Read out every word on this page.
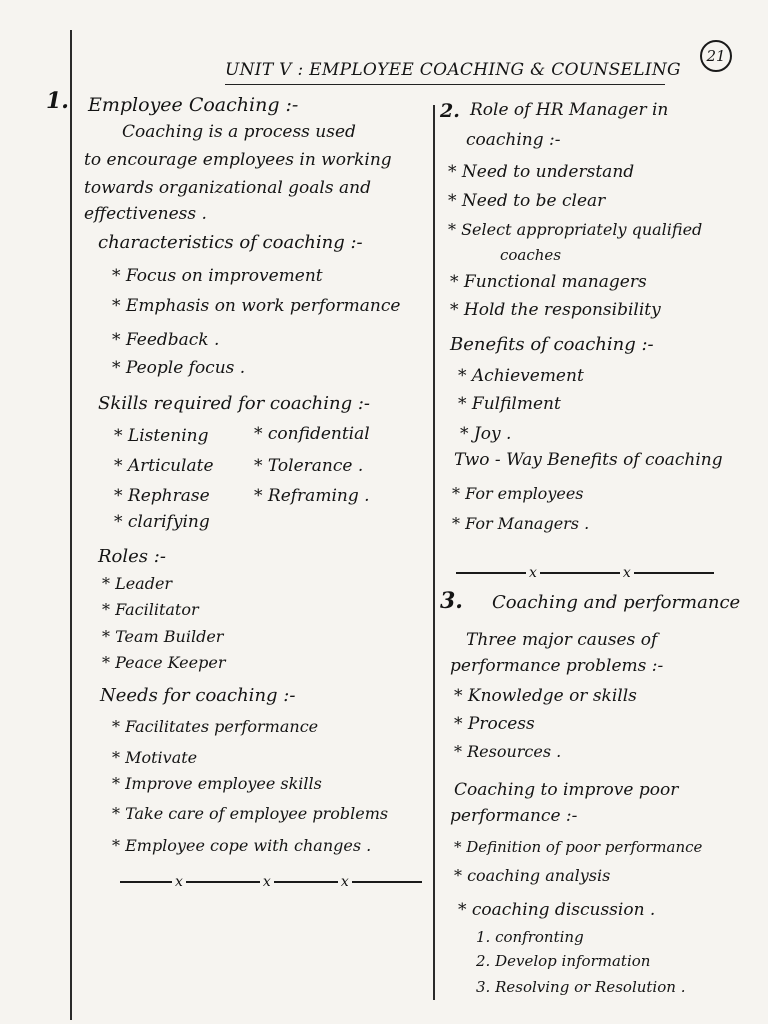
21
UNIT V : EMPLOYEE COACHING & COUNSELING
1. Employee Coaching :-
Coaching is a process used
to encourage employees in working
towards organizational goals and
effectiveness .
characteristics of coaching :-
* Focus on improvement
* Emphasis on work performance
* Feedback .
* People focus .
Skills required for coaching :-
* Listening
* Articulate
* Rephrase
* clarifying
* confidential
* Tolerance .
* Reframing .
Roles :-
* Leader
* Facilitator
* Team Builder
* Peace Keeper
Needs for coaching :-
* Facilitates performance
* Motivate
* Improve employee skills
* Take care of employee problems
* Employee cope with changes .
x	x	x
2. Role of HR Manager in
coaching :-
* Need to understand
* Need to be clear
* Select appropriately qualified
coaches
* Functional managers
* Hold the responsibility
Benefits of coaching :-
* Achievement
* Fulfilment
* Joy .
Two - Way Benefits of coaching
* For employees
* For Managers .
x	x
3. Coaching and performance
Three major causes of
performance problems :-
* Knowledge or skills
* Process
* Resources .
Coaching to improve poor
performance :-
* Definition of poor performance
* coaching analysis
* coaching discussion .
1. confronting
2. Develop information
3. Resolving or Resolution .
